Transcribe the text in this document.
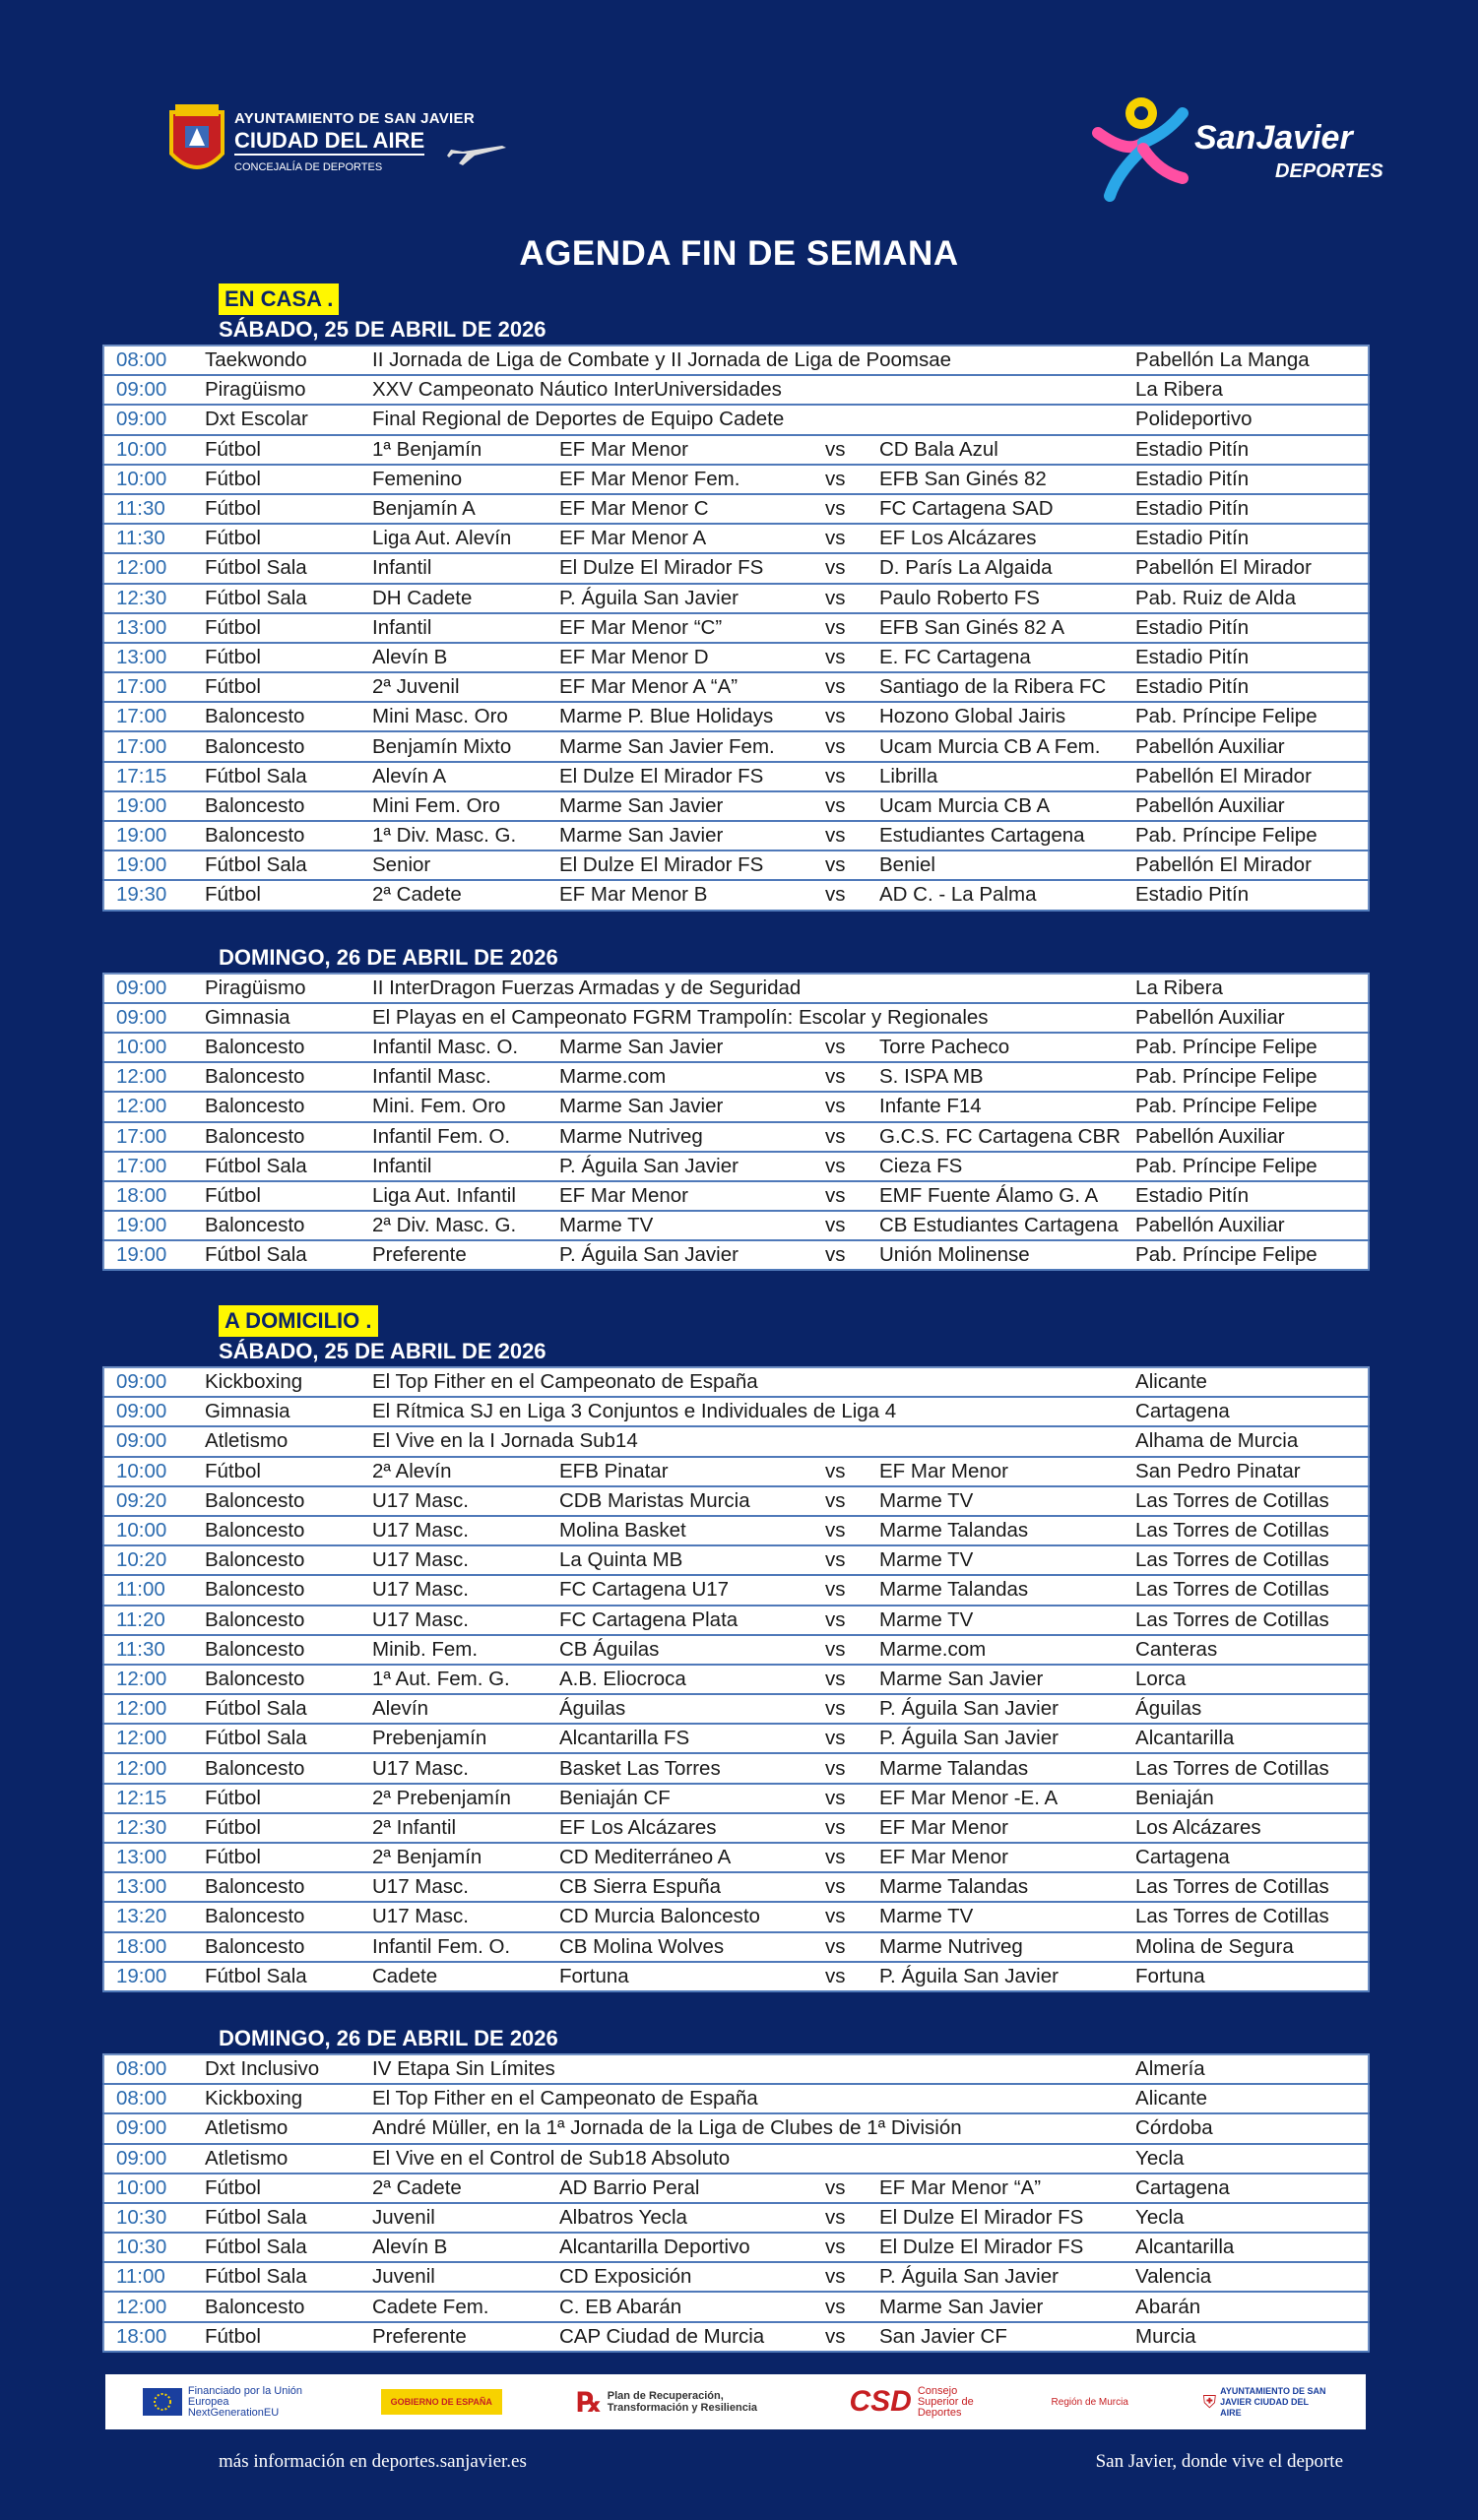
AYUNTAMIENTO DE SAN JAVIER
CIUDAD DEL AIRE
CONCEJALÍA DE DEPORTES
SanJavier
DEPORTES
AGENDA FIN DE SEMANA
EN CASA .
SÁBADO, 25 DE ABRIL DE 2026
08:00	Taekwondo	II Jornada de Liga de Combate y II Jornada de Liga de Poomsae				Pabellón La Manga
09:00	Piragüismo	XXV Campeonato Náutico InterUniversidades				La Ribera
09:00	Dxt Escolar	Final Regional de Deportes de Equipo Cadete				Polideportivo
10:00	Fútbol	1ª Benjamín	EF Mar Menor	vs	CD Bala Azul	Estadio Pitín
10:00	Fútbol	Femenino	EF Mar Menor Fem.	vs	EFB San Ginés 82	Estadio Pitín
11:30	Fútbol	Benjamín A	EF Mar Menor C	vs	FC Cartagena SAD	Estadio Pitín
11:30	Fútbol	Liga Aut. Alevín	EF Mar Menor A	vs	EF Los Alcázares	Estadio Pitín
12:00	Fútbol Sala	Infantil	El Dulze El Mirador FS	vs	D. París La Algaida	Pabellón El Mirador
12:30	Fútbol Sala	DH Cadete	P. Águila San Javier	vs	Paulo Roberto FS	Pab. Ruiz de Alda
13:00	Fútbol	Infantil	EF Mar Menor “C”	vs	EFB San Ginés 82 A	Estadio Pitín
13:00	Fútbol	Alevín B	EF Mar Menor D	vs	E. FC Cartagena	Estadio Pitín
17:00	Fútbol	2ª Juvenil	EF Mar Menor A “A”	vs	Santiago de la Ribera FC	Estadio Pitín
17:00	Baloncesto	Mini Masc. Oro	Marme P. Blue Holidays	vs	Hozono Global Jairis	Pab. Príncipe Felipe
17:00	Baloncesto	Benjamín Mixto	Marme San Javier Fem.	vs	Ucam Murcia CB A Fem.	Pabellón Auxiliar
17:15	Fútbol Sala	Alevín A	El Dulze El Mirador FS	vs	Librilla	Pabellón El Mirador
19:00	Baloncesto	Mini Fem. Oro	Marme San Javier	vs	Ucam Murcia CB A	Pabellón Auxiliar
19:00	Baloncesto	1ª Div. Masc. G.	Marme San Javier	vs	Estudiantes Cartagena	Pab. Príncipe Felipe
19:00	Fútbol Sala	Senior	El Dulze El Mirador FS	vs	Beniel	Pabellón El Mirador
19:30	Fútbol	2ª Cadete	EF Mar Menor B	vs	AD C. - La Palma	Estadio Pitín
DOMINGO, 26 DE ABRIL DE 2026
09:00	Piragüismo	II InterDragon Fuerzas Armadas y de Seguridad				La Ribera
09:00	Gimnasia	El Playas en el Campeonato FGRM Trampolín: Escolar y Regionales				Pabellón Auxiliar
10:00	Baloncesto	Infantil Masc. O.	Marme San Javier	vs	Torre Pacheco	Pab. Príncipe Felipe
12:00	Baloncesto	Infantil Masc.	Marme.com	vs	S. ISPA MB	Pab. Príncipe Felipe
12:00	Baloncesto	Mini. Fem. Oro	Marme San Javier	vs	Infante F14	Pab. Príncipe Felipe
17:00	Baloncesto	Infantil Fem. O.	Marme Nutriveg	vs	G.C.S. FC Cartagena CBR	Pabellón Auxiliar
17:00	Fútbol Sala	Infantil	P. Águila San Javier	vs	Cieza FS	Pab. Príncipe Felipe
18:00	Fútbol	Liga Aut. Infantil	EF Mar Menor	vs	EMF Fuente Álamo G. A	Estadio Pitín
19:00	Baloncesto	2ª Div. Masc. G.	Marme TV	vs	CB Estudiantes Cartagena	Pabellón Auxiliar
19:00	Fútbol Sala	Preferente	P. Águila San Javier	vs	Unión Molinense	Pab. Príncipe Felipe
A DOMICILIO .
SÁBADO, 25 DE ABRIL DE 2026
09:00	Kickboxing	El Top Fither en el Campeonato de España				Alicante
09:00	Gimnasia	El Rítmica SJ en Liga 3 Conjuntos e Individuales de Liga 4				Cartagena
09:00	Atletismo	El Vive en la I Jornada Sub14				Alhama de Murcia
10:00	Fútbol	2ª Alevín	EFB Pinatar	vs	EF Mar Menor	San Pedro Pinatar
09:20	Baloncesto	U17 Masc.	CDB Maristas Murcia	vs	Marme TV	Las Torres de Cotillas
10:00	Baloncesto	U17 Masc.	Molina Basket	vs	Marme Talandas	Las Torres de Cotillas
10:20	Baloncesto	U17 Masc.	La Quinta MB	vs	Marme TV	Las Torres de Cotillas
11:00	Baloncesto	U17 Masc.	FC Cartagena U17	vs	Marme Talandas	Las Torres de Cotillas
11:20	Baloncesto	U17 Masc.	FC Cartagena Plata	vs	Marme TV	Las Torres de Cotillas
11:30	Baloncesto	Minib. Fem.	CB Águilas	vs	Marme.com	Canteras
12:00	Baloncesto	1ª Aut. Fem. G.	A.B. Eliocroca	vs	Marme San Javier	Lorca
12:00	Fútbol Sala	Alevín	Águilas	vs	P. Águila San Javier	Águilas
12:00	Fútbol Sala	Prebenjamín	Alcantarilla FS	vs	P. Águila San Javier	Alcantarilla
12:00	Baloncesto	U17 Masc.	Basket Las Torres	vs	Marme Talandas	Las Torres de Cotillas
12:15	Fútbol	2ª Prebenjamín	Beniaján CF	vs	EF Mar Menor -E. A	Beniaján
12:30	Fútbol	2ª Infantil	EF Los Alcázares	vs	EF Mar Menor	Los Alcázares
13:00	Fútbol	2ª Benjamín	CD Mediterráneo A	vs	EF Mar Menor	Cartagena
13:00	Baloncesto	U17 Masc.	CB Sierra Espuña	vs	Marme Talandas	Las Torres de Cotillas
13:20	Baloncesto	U17 Masc.	CD Murcia Baloncesto	vs	Marme TV	Las Torres de Cotillas
18:00	Baloncesto	Infantil Fem. O.	CB Molina Wolves	vs	Marme Nutriveg	Molina de Segura
19:00	Fútbol Sala	Cadete	Fortuna	vs	P. Águila San Javier	Fortuna
DOMINGO, 26 DE ABRIL DE 2026
08:00	Dxt Inclusivo	IV Etapa Sin Límites				Almería
08:00	Kickboxing	El Top Fither en el Campeonato de España				Alicante
09:00	Atletismo	André Müller, en la 1ª Jornada de la Liga de Clubes de 1ª División				Córdoba
09:00	Atletismo	El Vive en el Control de Sub18 Absoluto				Yecla
10:00	Fútbol	2ª Cadete	AD Barrio Peral	vs	EF Mar Menor “A”	Cartagena
10:30	Fútbol Sala	Juvenil	Albatros Yecla	vs	El Dulze El Mirador FS	Yecla
10:30	Fútbol Sala	Alevín B	Alcantarilla Deportivo	vs	El Dulze El Mirador FS	Alcantarilla
11:00	Fútbol Sala	Juvenil	CD Exposición	vs	P. Águila San Javier	Valencia
12:00	Baloncesto	Cadete Fem.	C. EB Abarán	vs	Marme San Javier	Abarán
18:00	Fútbol	Preferente	CAP Ciudad de Murcia	vs	San Javier CF	Murcia
Financiado por la Unión Europea NextGenerationEU
GOBIERNO DE ESPAÑA	℞ Plan de Recuperación, Transformación y Resiliencia	CSD Consejo Superior de Deportes
Región de Murcia	⛨
AYUNTAMIENTO DE SAN JAVIER CIUDAD DEL AIRE
más información en deportes.sanjavier.es	San Javier, donde vive el deporte
